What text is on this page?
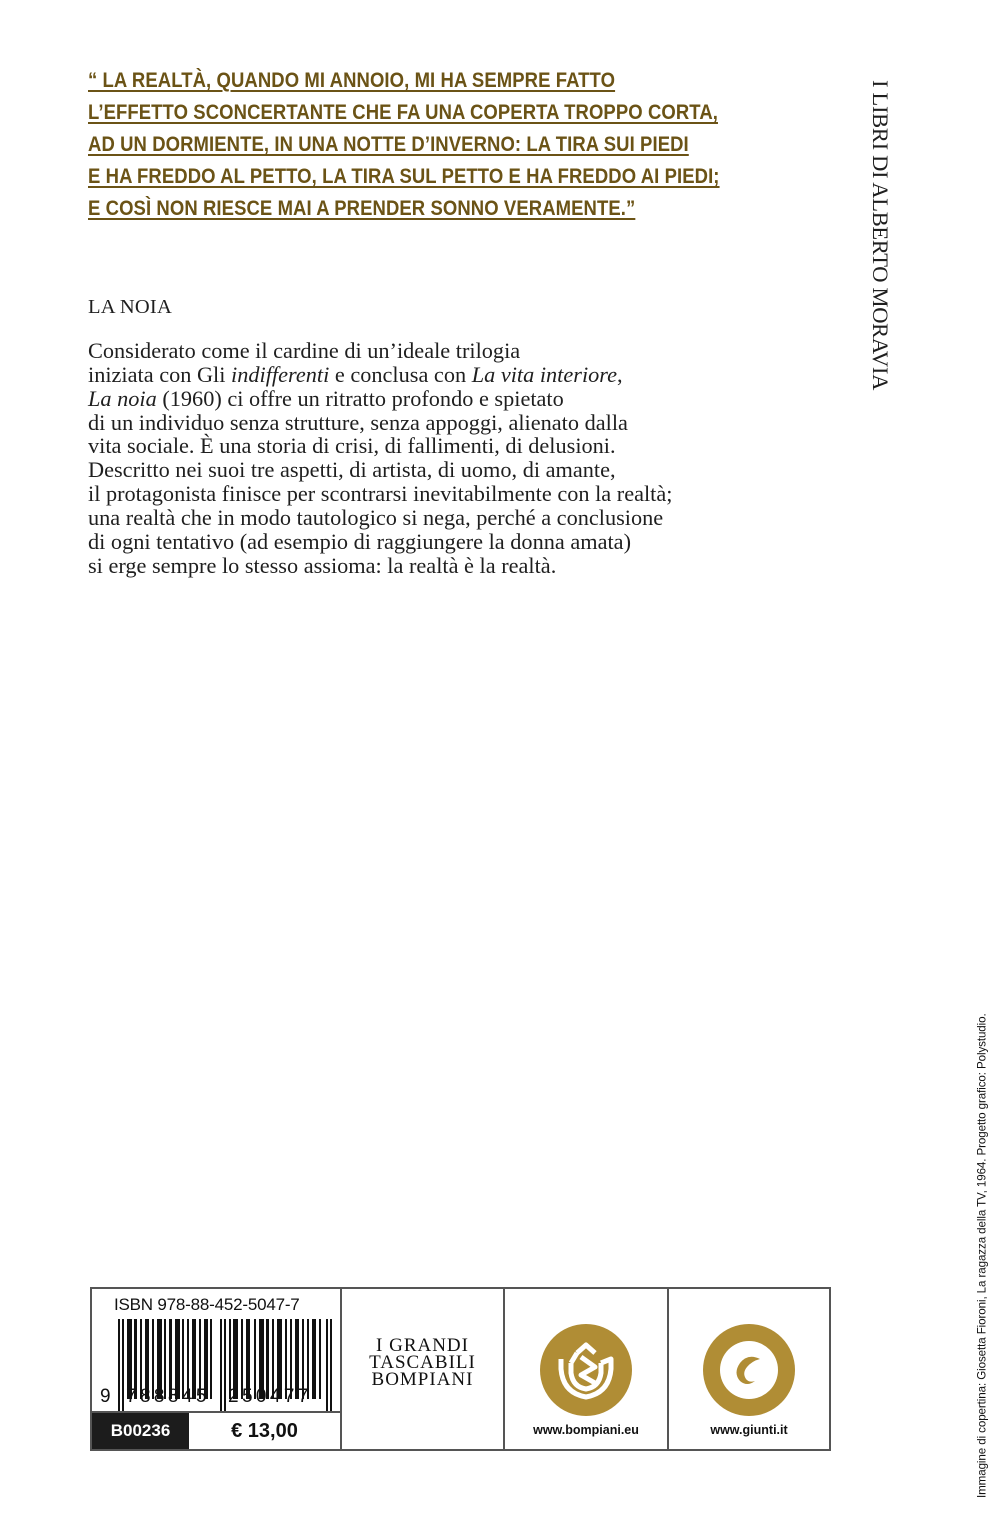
“ LA REALTÀ, QUANDO MI ANNOIO, MI HA SEMPRE FATTO
L’EFFETTO SCONCERTANTE CHE FA UNA COPERTA TROPPO CORTA,
AD UN DORMIENTE, IN UNA NOTTE D’INVERNO: LA TIRA SUI PIEDI
E HA FREDDO AL PETTO, LA TIRA SUL PETTO E HA FREDDO AI PIEDI;
E COSÌ NON RIESCE MAI A PRENDER SONNO VERAMENTE.”	I LIBRI DI ALBERTO MORAVIA
LA NOIA
Considerato come il cardine di un’ideale trilogia
iniziata con Gli indifferenti e conclusa con La vita interiore,
La noia (1960) ci offre un ritratto profondo e spietato
di un individuo senza strutture, senza appoggi, alienato dalla
vita sociale. È una storia di crisi, di fallimenti, di delusioni.
Descritto nei suoi tre aspetti, di artista, di uomo, di amante,
il protagonista finisce per scontrarsi inevitabilmente con la realtà;
una realtà che in modo tautologico si nega, perché a conclusione
di ogni tentativo (ad esempio di raggiungere la donna amata)
si erge sempre lo stesso assioma: la realtà è la realtà.
ISBN 978-88-452-5047-7
9 788845 250477
B00236	€ 13,00
I GRANDI
TASCABILI
BOMPIANI
www.bompiani.eu	www.giunti.it	Immagine di copertina: Giosetta Fioroni, La ragazza della TV, 1964. Progetto grafico: Polystudio.
